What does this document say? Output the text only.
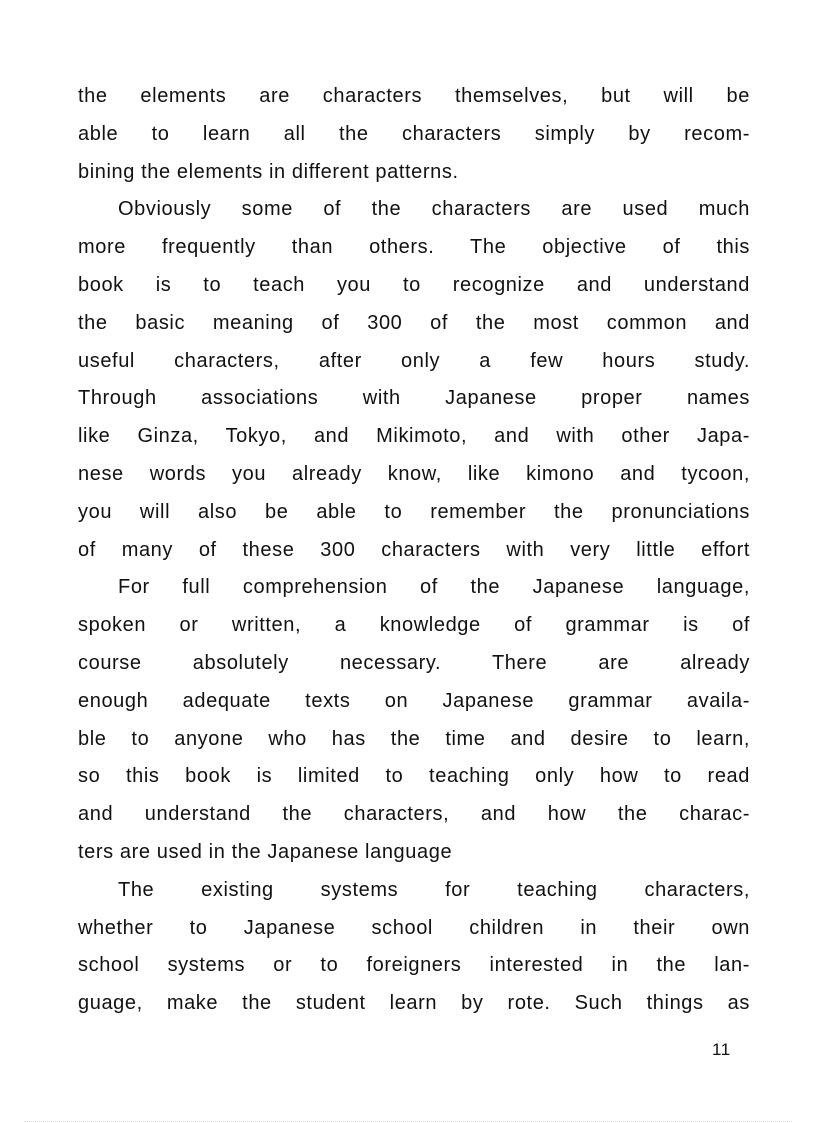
the elements are characters themselves, but will be
able to learn all the characters simply by recom-
bining the elements in different patterns.
Obviously some of the characters are used much
more frequently than others. The objective of this
book is to teach you to recognize and understand
the basic meaning of 300 of the most common and
useful characters, after only a few hours study.
Through associations with Japanese proper names
like Ginza, Tokyo, and Mikimoto, and with other Japa-
nese words you already know, like kimono and tycoon,
you will also be able to remember the pronunciations
of many of these 300 characters with very little effort
For full comprehension of the Japanese language,
spoken or written, a knowledge of grammar is of
course absolutely necessary. There are already
enough adequate texts on Japanese grammar availa-
ble to anyone who has the time and desire to learn,
so this book is limited to teaching only how to read
and understand the characters, and how the charac-
ters are used in the Japanese language
The existing systems for teaching characters,
whether to Japanese school children in their own
school systems or to foreigners interested in the lan-
guage, make the student learn by rote. Such things as
11
